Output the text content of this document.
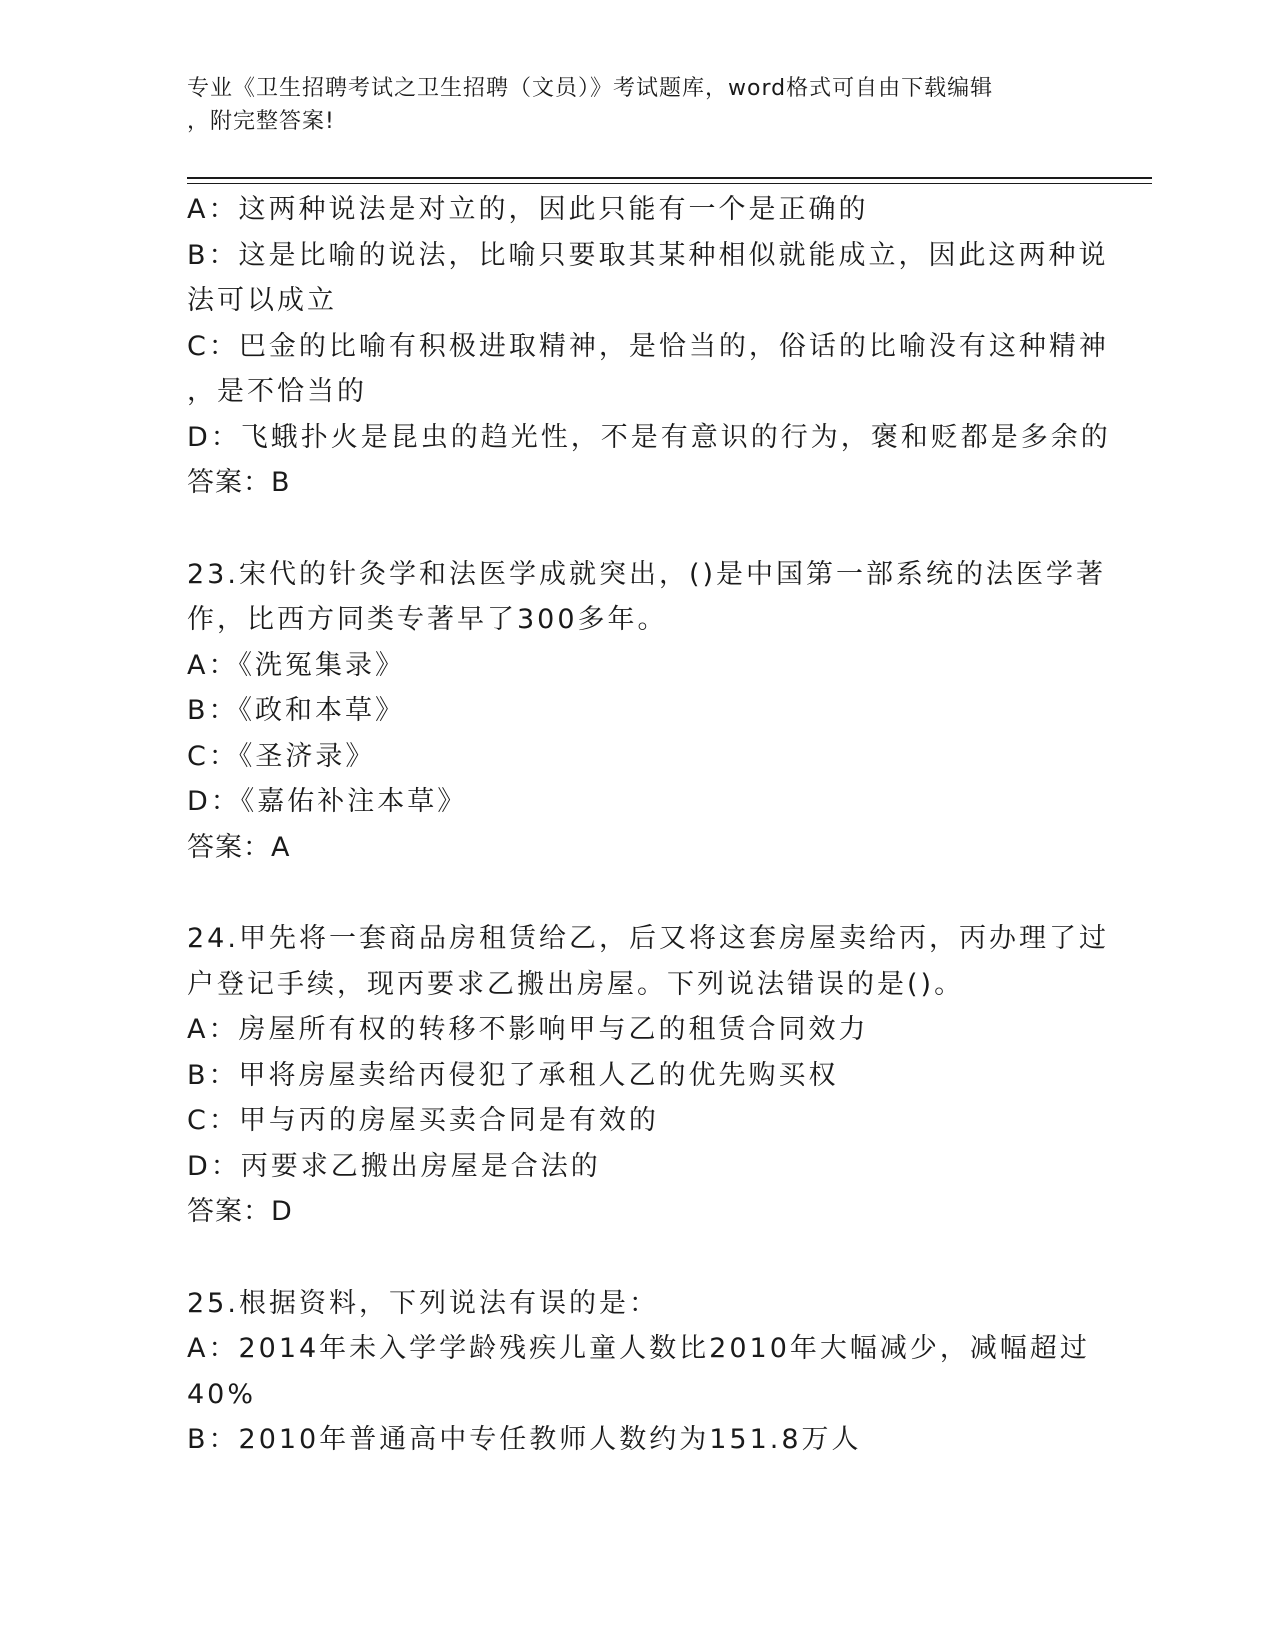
专业《卫生招聘考试之卫生招聘（文员）》考试题库，word格式可自由下载编辑
，附完整答案!

A：这两种说法是对立的，因此只能有一个是正确的

B：这是比喻的说法，比喻只要取其某种相似就能成立，因此这两种说

法可以成立

C：巴金的比喻有积极进取精神，是恰当的，俗话的比喻没有这种精神

，是不恰当的

D：飞蛾扑火是昆虫的趋光性，不是有意识的行为，褒和贬都是多余的

答案：B

23.宋代的针灸学和法医学成就突出，()是中国第一部系统的法医学著

作，比西方同类专著早了300多年。

A：《洗冤集录》

B：《政和本草》

C：《圣济录》

D：《嘉佑补注本草》

答案：A

24.甲先将一套商品房租赁给乙，后又将这套房屋卖给丙，丙办理了过

户登记手续，现丙要求乙搬出房屋。下列说法错误的是()。

A：房屋所有权的转移不影响甲与乙的租赁合同效力

B：甲将房屋卖给丙侵犯了承租人乙的优先购买权

C：甲与丙的房屋买卖合同是有效的

D：丙要求乙搬出房屋是合法的

答案：D

25.根据资料，下列说法有误的是：

A：2014年未入学学龄残疾儿童人数比2010年大幅减少，减幅超过

40%

B：2010年普通高中专任教师人数约为151.8万人
